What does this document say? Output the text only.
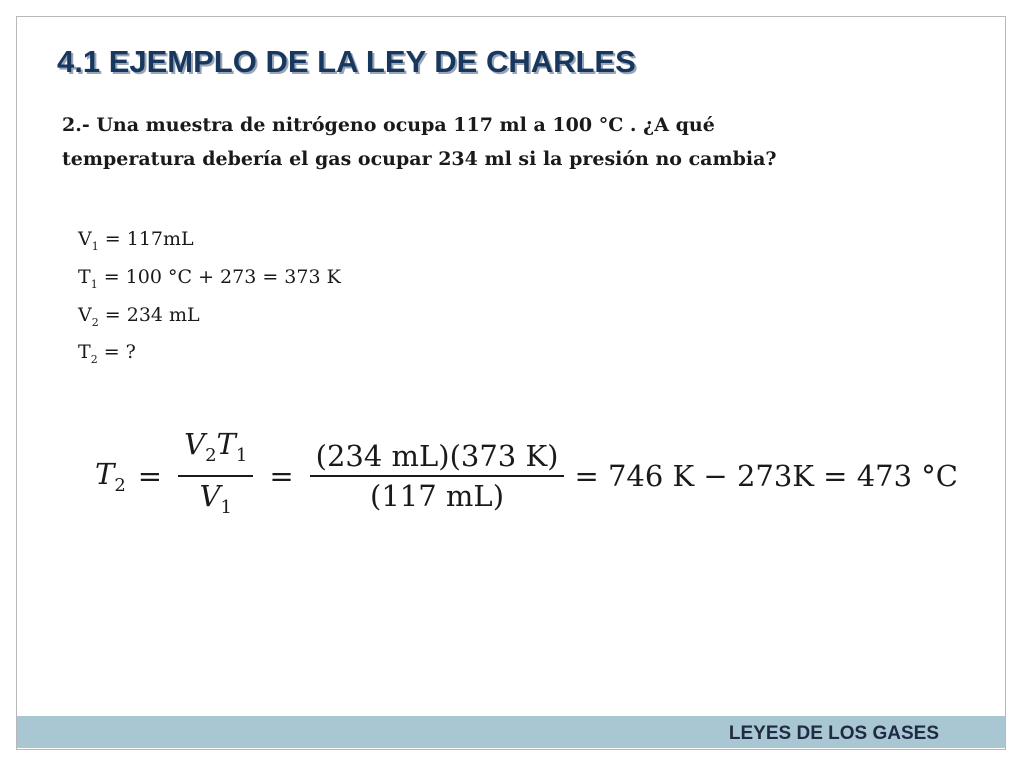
4.1 EJEMPLO DE LA LEY DE CHARLES
2.- Una muestra de nitrógeno ocupa 117 ml a 100 °C . ¿A qué
temperatura debería el gas ocupar 234 ml si la presión no cambia?
$V_1 = 117mL$
$T_1 = 100$ °C + 273 = 373 K
$V_2 = 234$ mL
$T_2$ = ?
$T_2 = \frac{V_2T_1}{V_1} = \frac{(234 mL)(373 K)}{(117 mL)} = 746$ K − 273K = 473 °C
LEYES DE LOS GASES
